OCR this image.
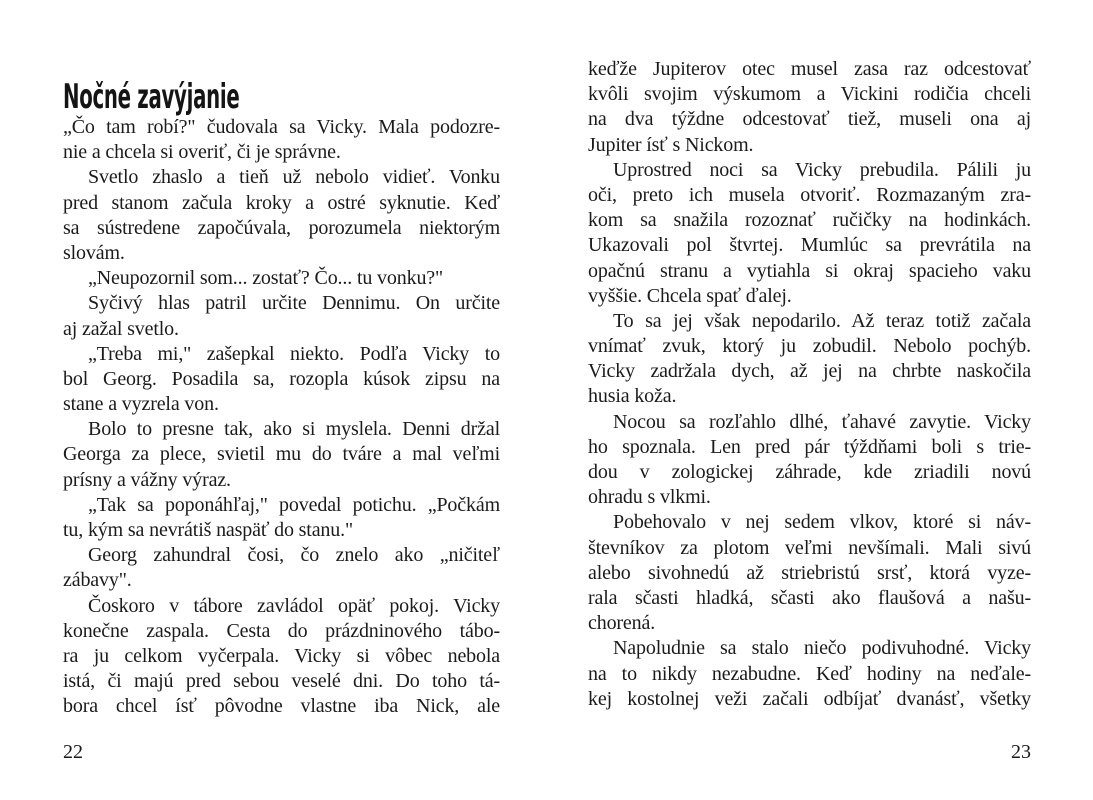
Nočné zavýjanie
„Čo tam robí?" čudovala sa Vicky. Mala podozre-
nie a chcela si overiť, či je správne.
Svetlo zhaslo a tieň už nebolo vidieť. Vonku
pred stanom začula kroky a ostré syknutie. Keď
sa sústredene započúvala, porozumela niektorým
slovám.
„Neupozornil som... zostať? Čo... tu vonku?"
Syčivý hlas patril určite Dennimu. On určite
aj zažal svetlo.
„Treba mi," zašepkal niekto. Podľa Vicky to
bol Georg. Posadila sa, rozopla kúsok zipsu na
stane a vyzrela von.
Bolo to presne tak, ako si myslela. Denni držal
Georga za plece, svietil mu do tváre a mal veľmi
prísny a vážny výraz.
„Tak sa poponáhľaj," povedal potichu. „Počkám
tu, kým sa nevrátiš naspäť do stanu."
Georg zahundral čosi, čo znelo ako „ničiteľ
zábavy".
Čoskoro v tábore zavládol opäť pokoj. Vicky
konečne zaspala. Cesta do prázdninového tábo-
ra ju celkom vyčerpala. Vicky si vôbec nebola
istá, či majú pred sebou veselé dni. Do toho tá-
bora chcel ísť pôvodne vlastne iba Nick, ale
keďže Jupiterov otec musel zasa raz odcestovať
kvôli svojim výskumom a Vickini rodičia chceli
na dva týždne odcestovať tiež, museli ona aj
Jupiter ísť s Nickom.
Uprostred noci sa Vicky prebudila. Pálili ju
oči, preto ich musela otvoriť. Rozmazaným zra-
kom sa snažila rozoznať ručičky na hodinkách.
Ukazovali pol štvrtej. Mumlúc sa prevrátila na
opačnú stranu a vytiahla si okraj spacieho vaku
vyššie. Chcela spať ďalej.
To sa jej však nepodarilo. Až teraz totiž začala
vnímať zvuk, ktorý ju zobudil. Nebolo pochýb.
Vicky zadržala dych, až jej na chrbte naskočila
husia koža.
Nocou sa rozľahlo dlhé, ťahavé zavytie. Vicky
ho spoznala. Len pred pár týždňami boli s trie-
dou v zologickej záhrade, kde zriadili novú
ohradu s vlkmi.
Pobehovalo v nej sedem vlkov, ktoré si náv-
števníkov za plotom veľmi nevšímali. Mali sivú
alebo sivohnedú až striebristú srsť, ktorá vyze-
rala sčasti hladká, sčasti ako flaušová a našu-
chorená.
Napoludnie sa stalo niečo podivuhodné. Vicky
na to nikdy nezabudne. Keď hodiny na neďale-
kej kostolnej veži začali odbíjať dvanásť, všetky
22	23
